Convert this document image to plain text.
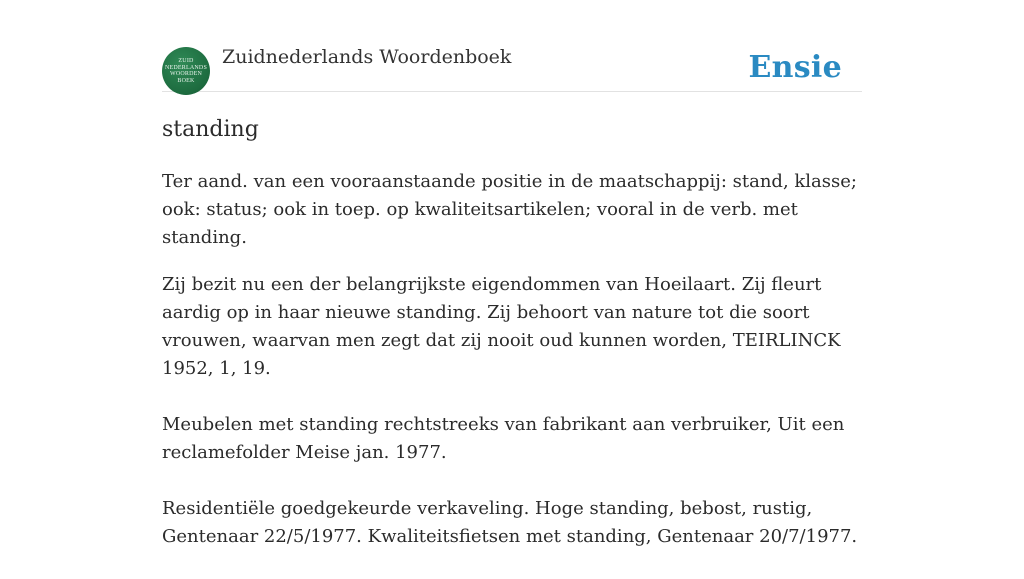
ZUID
NEDERLANDS
WOORDEN
BOEK
Zuidnederlands Woordenboek	Ensie
standing

Ter aand. van een vooraanstaande positie in de maatschappij: stand, klasse; ook: status; ook in toep. op kwaliteitsartikelen; vooral in de verb. met standing.

Zij bezit nu een der belangrijkste eigendommen van Hoeilaart. Zij fleurt aardig op in haar nieuwe standing. Zij behoort van nature tot die soort vrouwen, waarvan men zegt dat zij nooit oud kunnen worden, TEIRLINCK 1952, 1, 19.

Meubelen met standing rechtstreeks van fabrikant aan verbruiker, Uit een reclamefolder Meise jan. 1977.

Residentiële goedgekeurde verkaveling. Hoge standing, bebost, rustig, Gentenaar 22/5/1977. Kwaliteitsfietsen met standing, Gentenaar 20/7/1977.
